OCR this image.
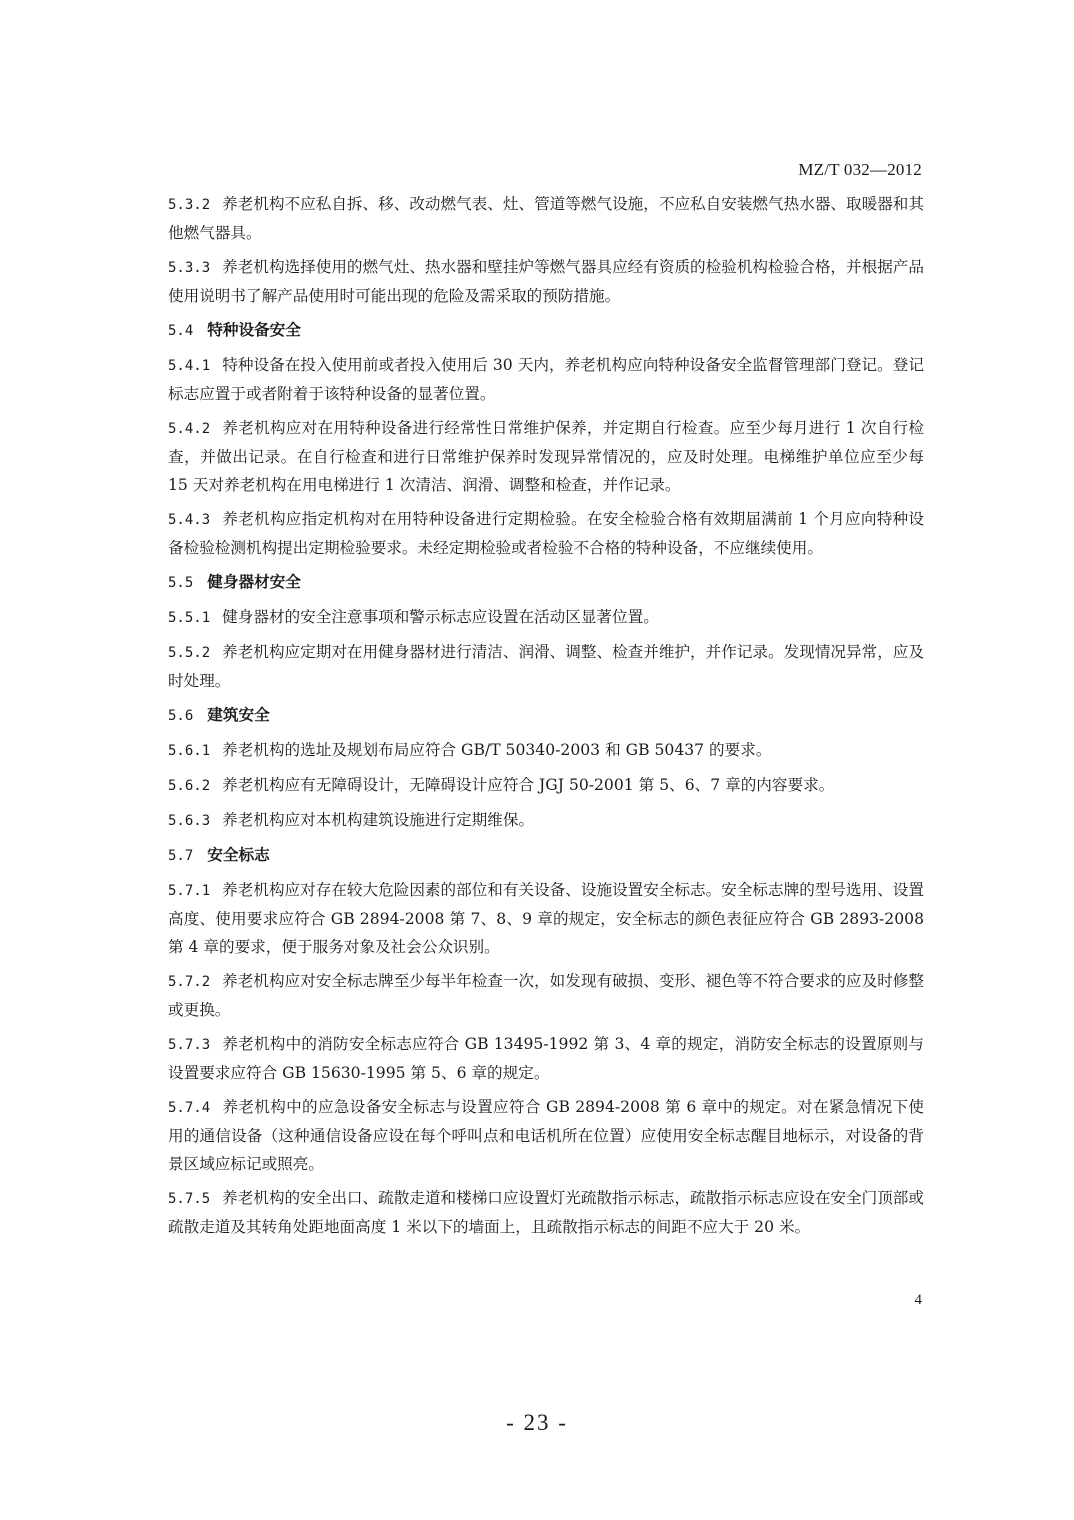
MZ/T 032—2012

5.3.2 养老机构不应私自拆、移、改动燃气表、灶、管道等燃气设施，不应私自安装燃气热水器、取暖器和其他燃气器具。

5.3.3 养老机构选择使用的燃气灶、热水器和壁挂炉等燃气器具应经有资质的检验机构检验合格，并根据产品使用说明书了解产品使用时可能出现的危险及需采取的预防措施。

5.4 特种设备安全

5.4.1 特种设备在投入使用前或者投入使用后 30 天内，养老机构应向特种设备安全监督管理部门登记。登记标志应置于或者附着于该特种设备的显著位置。

5.4.2 养老机构应对在用特种设备进行经常性日常维护保养，并定期自行检查。应至少每月进行 1 次自行检查，并做出记录。在自行检查和进行日常维护保养时发现异常情况的，应及时处理。电梯维护单位应至少每 15 天对养老机构在用电梯进行 1 次清洁、润滑、调整和检查，并作记录。

5.4.3 养老机构应指定机构对在用特种设备进行定期检验。在安全检验合格有效期届满前 1 个月应向特种设备检验检测机构提出定期检验要求。未经定期检验或者检验不合格的特种设备，不应继续使用。

5.5 健身器材安全

5.5.1 健身器材的安全注意事项和警示标志应设置在活动区显著位置。

5.5.2 养老机构应定期对在用健身器材进行清洁、润滑、调整、检查并维护，并作记录。发现情况异常，应及时处理。

5.6 建筑安全

5.6.1 养老机构的选址及规划布局应符合 GB/T 50340-2003 和 GB 50437 的要求。

5.6.2 养老机构应有无障碍设计，无障碍设计应符合 JGJ 50-2001 第 5、6、7 章的内容要求。

5.6.3 养老机构应对本机构建筑设施进行定期维保。

5.7 安全标志

5.7.1 养老机构应对存在较大危险因素的部位和有关设备、设施设置安全标志。安全标志牌的型号选用、设置高度、使用要求应符合 GB 2894-2008 第 7、8、9 章的规定，安全标志的颜色表征应符合 GB 2893-2008 第 4 章的要求，便于服务对象及社会公众识别。

5.7.2 养老机构应对安全标志牌至少每半年检查一次，如发现有破损、变形、褪色等不符合要求的应及时修整或更换。

5.7.3 养老机构中的消防安全标志应符合 GB 13495-1992 第 3、4 章的规定，消防安全标志的设置原则与设置要求应符合 GB 15630-1995 第 5、6 章的规定。

5.7.4 养老机构中的应急设备安全标志与设置应符合 GB 2894-2008 第 6 章中的规定。对在紧急情况下使用的通信设备（这种通信设备应设在每个呼叫点和电话机所在位置）应使用安全标志醒目地标示，对设备的背景区域应标记或照亮。

5.7.5 养老机构的安全出口、疏散走道和楼梯口应设置灯光疏散指示标志，疏散指示标志应设在安全门顶部或疏散走道及其转角处距地面高度 1 米以下的墙面上，且疏散指示标志的间距不应大于 20 米。

4
- 23 -
